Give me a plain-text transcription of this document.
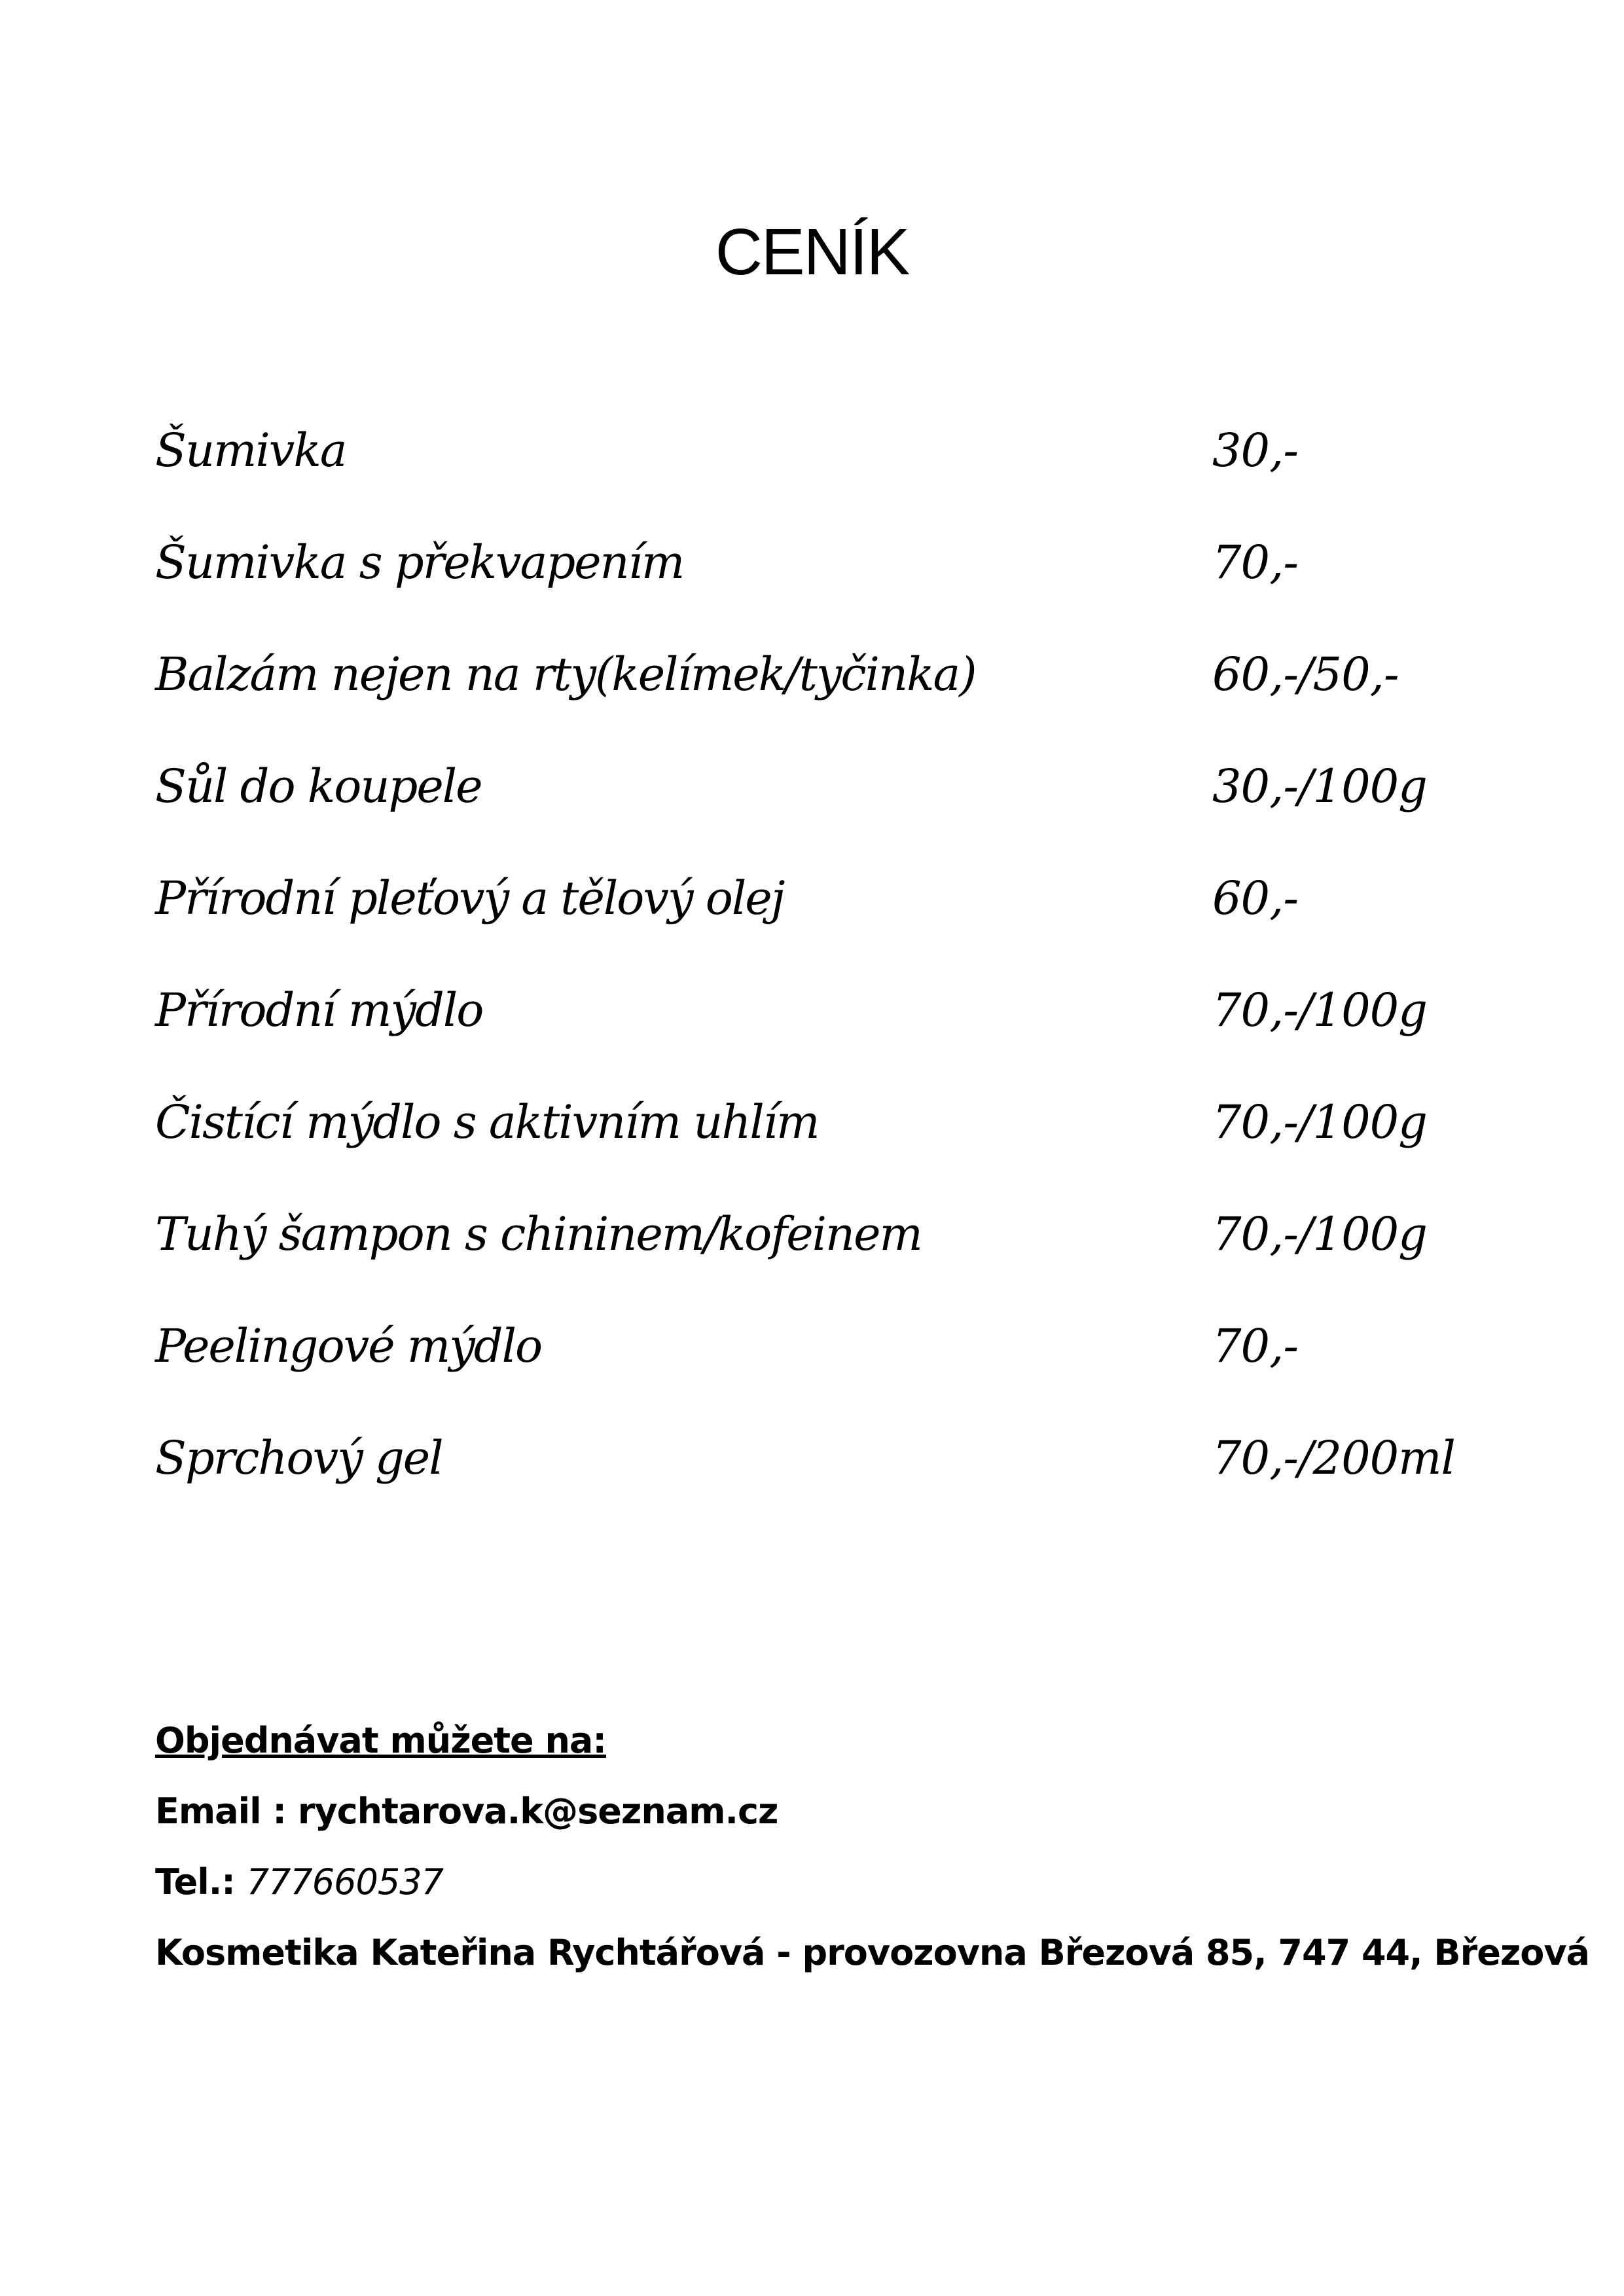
CENÍK
Šumivka	30,-
Šumivka s překvapením	70,-
Balzám nejen na rty(kelímek/tyčinka)	60,-/50,-
Sůl do koupele	30,-/100g
Přírodní pleťový a tělový olej	60,-
Přírodní mýdlo	70,-/100g
Čistící mýdlo s aktivním uhlím	70,-/100g
Tuhý šampon s chininem/kofeinem	70,-/100g
Peelingové mýdlo	70,-
Sprchový gel	70,-/200ml
Objednávat můžete na:
Email : rychtarova.k@seznam.cz
Tel.: 777660537
Kosmetika Kateřina Rychtářová - provozovna Březová 85, 747 44, Březová
